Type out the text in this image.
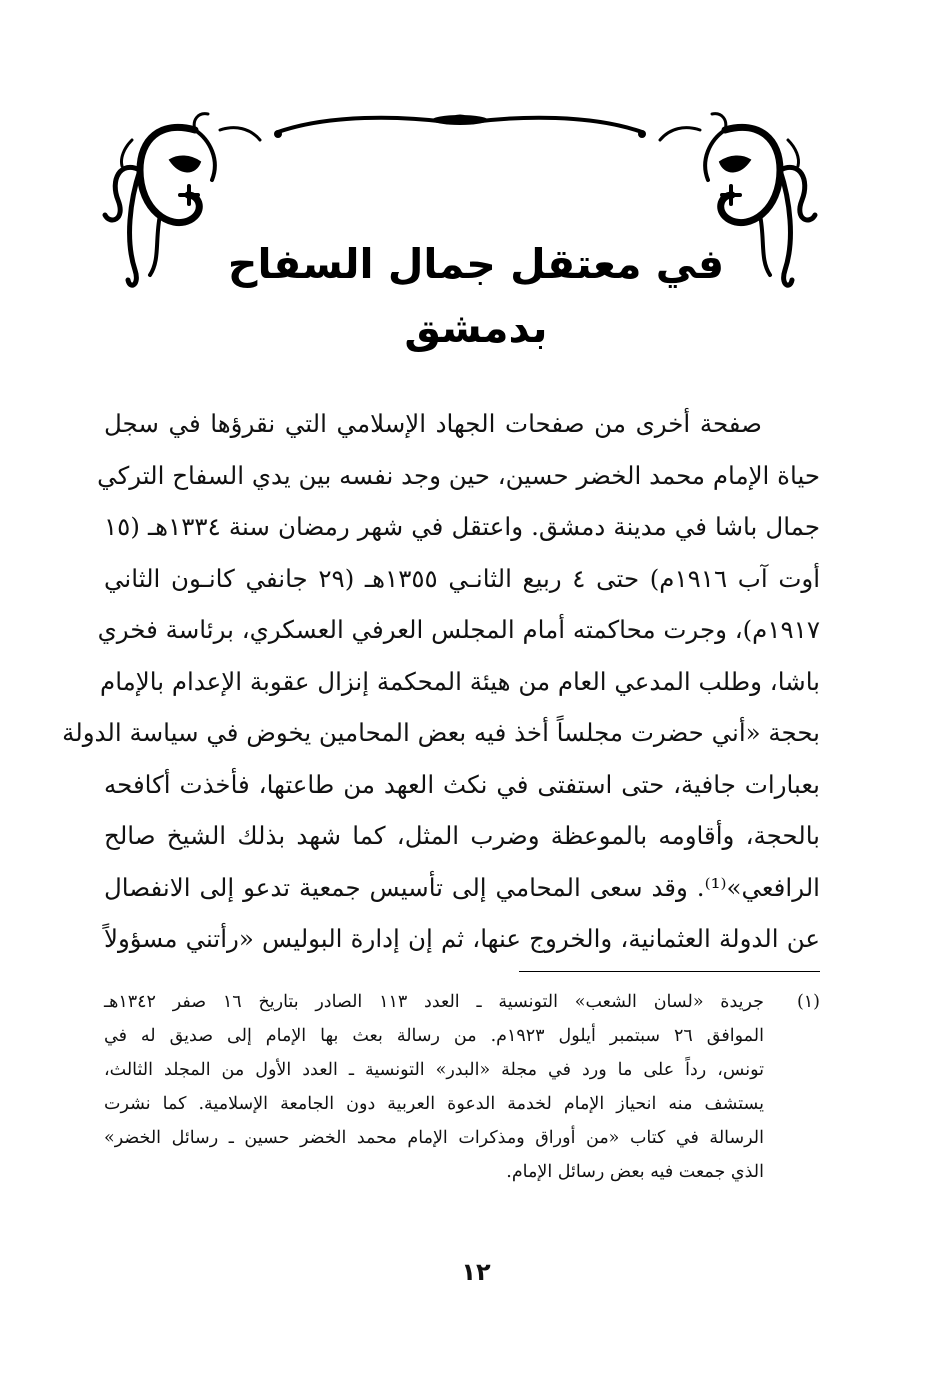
في معتقل جمال السفاح بدمشق
صفحة أخرى من صفحات الجهاد الإسلامي التي نقرؤها في سجل
حياة الإمام محمد الخضر حسين، حين وجد نفسه بين يدي السفاح التركي
جمال باشا في مدينة دمشق. واعتقل في شهر رمضان سنة ١٣٣٤هـ (١٥
أوت آب ١٩١٦م) حتى ٤ ربيع الثانـي ١٣٥٥هـ (٢٩ جانفي كانـون الثاني
١٩١٧م)، وجرت محاكمته أمام المجلس العرفي العسكري، برئاسة فخري
باشا، وطلب المدعي العام من هيئة المحكمة إنزال عقوبة الإعدام بالإمام
بحجة «أني حضرت مجلساً أخذ فيه بعض المحامين يخوض في سياسة الدولة
بعبارات جافية، حتى استفتى في نكث العهد من طاعتها، فأخذت أكافحه
بالحجة، وأقاومه بالموعظة وضرب المثل، كما شهد بذلك الشيخ صالح
الرافعي»⁽¹⁾. وقد سعى المحامي إلى تأسيس جمعية تدعو إلى الانفصال
عن الدولة العثمانية، والخروج عنها، ثم إن إدارة البوليس «رأتني مسؤولاً
(١)
جريدة «لسان الشعب» التونسية ـ العدد ١١٣ الصادر بتاريخ ١٦ صفر ١٣٤٢هـ
الموافق ٢٦ سبتمبر أيلول ١٩٢٣م. من رسالة بعث بها الإمام إلى صديق له في
تونس، رداً على ما ورد في مجلة «البدر» التونسية ـ العدد الأول من المجلد الثالث،
يستشف منه انحياز الإمام لخدمة الدعوة العربية دون الجامعة الإسلامية. كما نشرت
الرسالة في كتاب «من أوراق ومذكرات الإمام محمد الخضر حسين ـ رسائل الخضر»
الذي جمعت فيه بعض رسائل الإمام.
١٢
